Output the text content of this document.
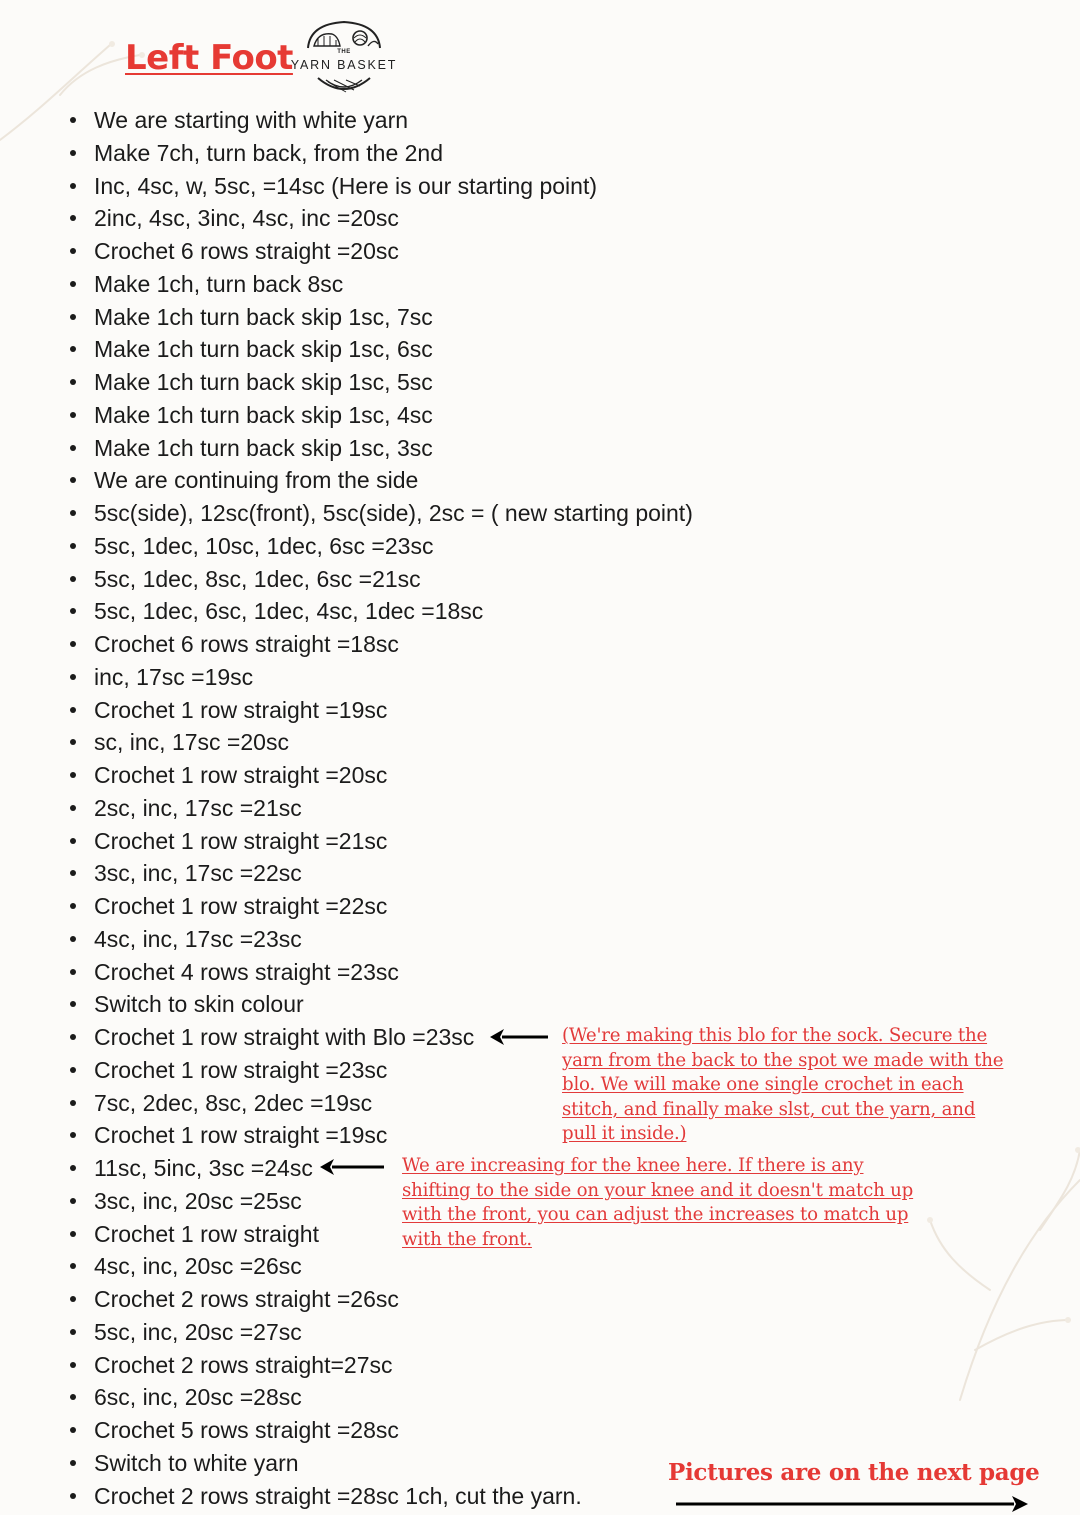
Left Foot	THE
YARN BASKET
We are starting with white yarn
Make 7ch, turn back, from the 2nd
Inc, 4sc, w, 5sc, =14sc (Here is our starting point)
2inc, 4sc, 3inc, 4sc, inc =20sc
Crochet 6 rows straight =20sc
Make 1ch, turn back 8sc
Make 1ch turn back skip 1sc, 7sc
Make 1ch turn back skip 1sc, 6sc
Make 1ch turn back skip 1sc, 5sc
Make 1ch turn back skip 1sc, 4sc
Make 1ch turn back skip 1sc, 3sc
We are continuing from the side
5sc(side), 12sc(front), 5sc(side), 2sc = ( new starting point)
5sc, 1dec, 10sc, 1dec, 6sc =23sc
5sc, 1dec, 8sc, 1dec, 6sc =21sc
5sc, 1dec, 6sc, 1dec, 4sc, 1dec =18sc
Crochet 6 rows straight =18sc
inc, 17sc =19sc
Crochet 1 row straight =19sc
sc, inc, 17sc =20sc
Crochet 1 row straight =20sc
2sc, inc, 17sc =21sc
Crochet 1 row straight =21sc
3sc, inc, 17sc =22sc
Crochet 1 row straight =22sc
4sc, inc, 17sc =23sc
Crochet 4 rows straight =23sc
Switch to skin colour
Crochet 1 row straight with Blo =23sc
Crochet 1 row straight =23sc
7sc, 2dec, 8sc, 2dec =19sc
Crochet 1 row straight =19sc
11sc, 5inc, 3sc =24sc
3sc, inc, 20sc =25sc
Crochet 1 row straight
4sc, inc, 20sc =26sc
Crochet 2 rows straight =26sc
5sc, inc, 20sc =27sc
Crochet 2 rows straight=27sc
6sc, inc, 20sc =28sc
Crochet 5 rows straight =28sc
Switch to white yarn
Crochet 2 rows straight =28sc 1ch, cut the yarn.
(We're making this blo for the sock. Secure the yarn from the back to the spot we made with the blo. We will make one single crochet in each stitch, and finally make slst, cut the yarn, and pull it inside.)
We are increasing for the knee here. If there is any shifting to the side on your knee and it doesn't match up with the front, you can adjust the increases to match up with the front.
Pictures are on the next page
